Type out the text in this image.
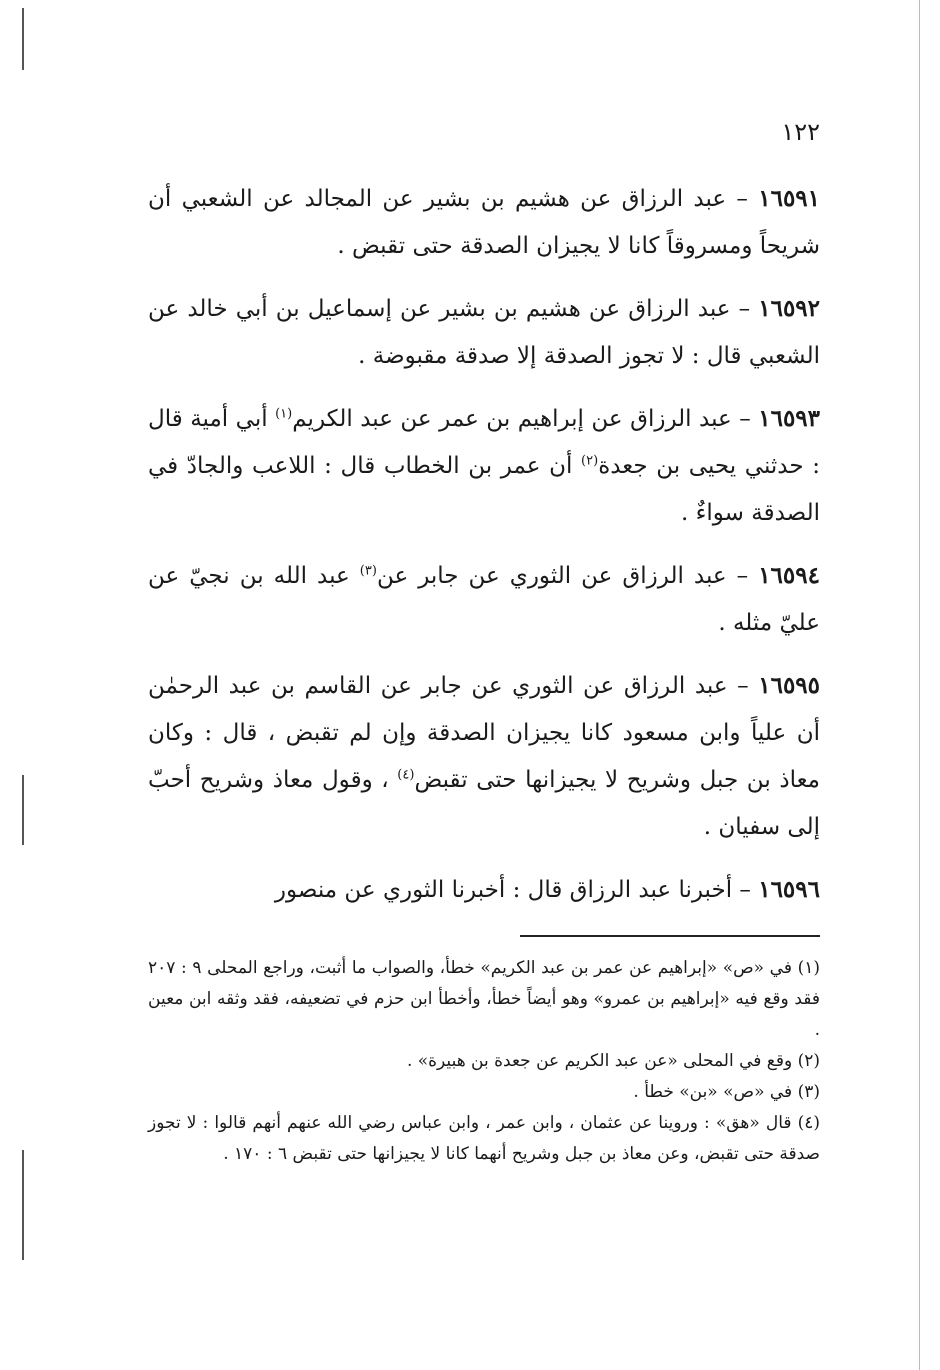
١٢٢

١٦٥٩١ – عبد الرزاق عن هشيم بن بشير عن المجالد عن الشعبي أن شريحاً ومسروقاً كانا لا يجيزان الصدقة حتى تقبض .

١٦٥٩٢ – عبد الرزاق عن هشيم بن بشير عن إسماعيل بن أبي خالد عن الشعبي قال : لا تجوز الصدقة إلا صدقة مقبوضة .

١٦٥٩٣ – عبد الرزاق عن إبراهيم بن عمر عن عبد الكريم$^{(١)}$ أبي أمية قال : حدثني يحيى بن جعدة$^{(٢)}$ أن عمر بن الخطاب قال : اللاعب والجادّ في الصدقة سواءٌ .

١٦٥٩٤ – عبد الرزاق عن الثوري عن جابر عن$^{(٣)}$ عبد الله بن نجيّ عن عليّ مثله .

١٦٥٩٥ – عبد الرزاق عن الثوري عن جابر عن القاسم بن عبد الرحمٰن أن علياً وابن مسعود كانا يجيزان الصدقة وإن لم تقبض ، قال : وكان معاذ بن جبل وشريح لا يجيزانها حتى تقبض$^{(٤)}$ ، وقول معاذ وشريح أحبّ إلى سفيان .

١٦٥٩٦ – أخبرنا عبد الرزاق قال : أخبرنا الثوري عن منصور

(١) في «ص» «إبراهيم عن عمر بن عبد الكريم» خطأ، والصواب ما أثبت، وراجع المحلى ٩ : ٢٠٧ فقد وقع فيه «إبراهيم بن عمرو» وهو أيضاً خطأ، وأخطأ ابن حزم في تضعيفه، فقد وثقه ابن معين .

(٢) وقع في المحلى «عن عبد الكريم عن جعدة بن هبيرة» .

(٣) في «ص» «بن» خطأ .

(٤) قال «هق» : وروينا عن عثمان ، وابن عمر ، وابن عباس رضي الله عنهم أنهم قالوا : لا تجوز صدقة حتى تقبض، وعن معاذ بن جبل وشريح أنهما كانا لا يجيزانها حتى تقبض ٦ : ١٧٠ .
